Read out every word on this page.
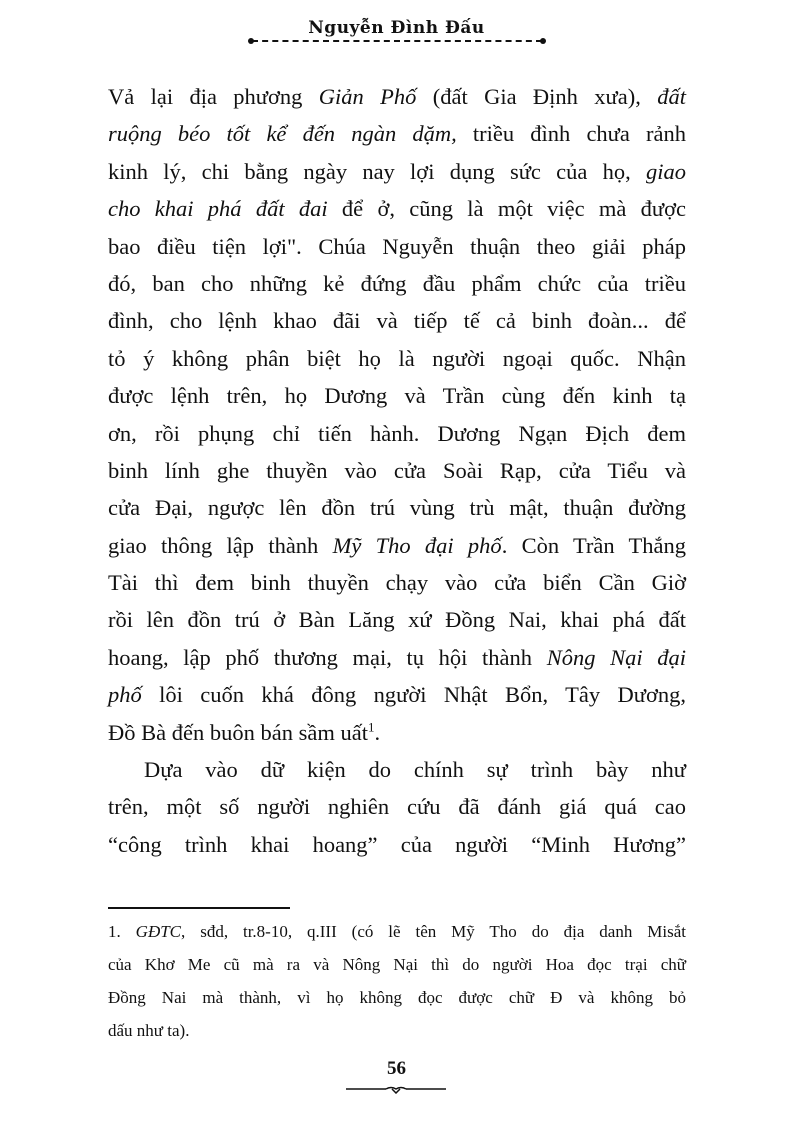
Nguyễn Đình Đấu
Vả lại địa phương Giản Phố (đất Gia Định xưa), đất
ruộng béo tốt kể đến ngàn dặm, triều đình chưa rảnh
kinh lý, chi bằng ngày nay lợi dụng sức của họ, giao
cho khai phá đất đai để ở, cũng là một việc mà được
bao điều tiện lợi". Chúa Nguyễn thuận theo giải pháp
đó, ban cho những kẻ đứng đầu phẩm chức của triều
đình, cho lệnh khao đãi và tiếp tế cả binh đoàn... để
tỏ ý không phân biệt họ là người ngoại quốc. Nhận
được lệnh trên, họ Dương và Trần cùng đến kinh tạ
ơn, rồi phụng chỉ tiến hành. Dương Ngạn Địch đem
binh lính ghe thuyền vào cửa Soài Rạp, cửa Tiểu và
cửa Đại, ngược lên đồn trú vùng trù mật, thuận đường
giao thông lập thành Mỹ Tho đại phố. Còn Trần Thắng
Tài thì đem binh thuyền chạy vào cửa biển Cần Giờ
rồi lên đồn trú ở Bàn Lăng xứ Đồng Nai, khai phá đất
hoang, lập phố thương mại, tụ hội thành Nông Nại đại
phố lôi cuốn khá đông người Nhật Bổn, Tây Dương,
Đồ Bà đến buôn bán sầm uất$^1$.
Dựa vào dữ kiện do chính sự trình bày như
trên, một số người nghiên cứu đã đánh giá quá cao
“công trình khai hoang” của người “Minh Hương”
1. GĐTC, sđd, tr.8-10, q.III (có lẽ tên Mỹ Tho do địa danh Misắt
của Khơ Me cũ mà ra và Nông Nại thì do người Hoa đọc trại chữ
Đồng Nai mà thành, vì họ không đọc được chữ Đ và không bỏ
dấu như ta).
56
